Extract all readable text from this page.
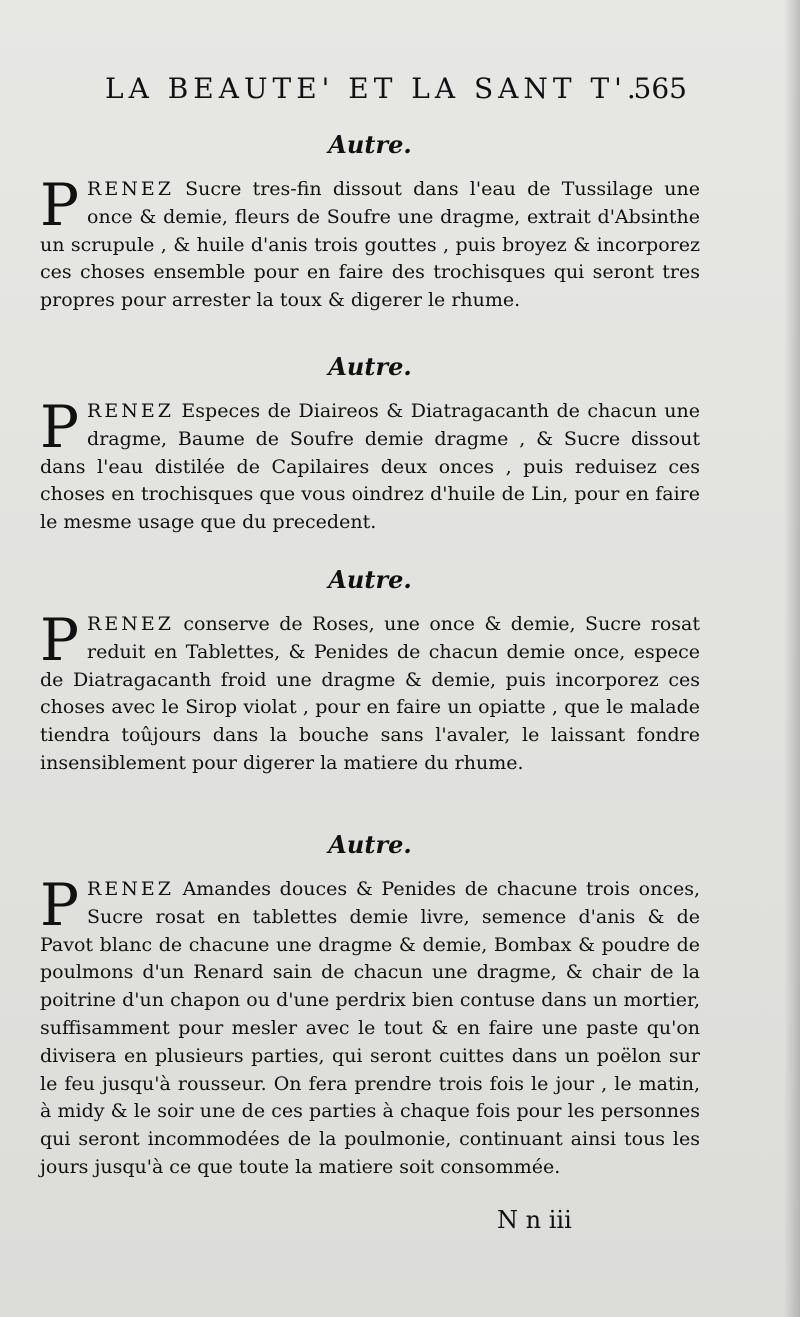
LA BEAUTE' ET LA SANT T'.
565
Autre.

PRENEZ Sucre tres-fin dissout dans l'eau de Tussilage une once & demie, fleurs de Soufre une dragme, extrait d'Absinthe un scrupule , & huile d'anis trois gouttes , puis broyez & incorporez ces choses ensemble pour en faire des trochisques qui seront tres propres pour arrester la toux & digerer le rhume.

Autre.

PRENEZ Especes de Diaireos & Diatragacanth de chacun une dragme, Baume de Soufre demie dragme , & Sucre dissout dans l'eau distilée de Capilaires deux onces , puis reduisez ces choses en trochisques que vous oindrez d'huile de Lin, pour en faire le mesme usage que du precedent.

Autre.

PRENEZ conserve de Roses, une once & demie, Sucre rosat reduit en Tablettes, & Penides de chacun demie once, espece de Diatragacanth froid une dragme & demie, puis incorporez ces choses avec le Sirop violat , pour en faire un opiatte , que le malade tiendra toûjours dans la bouche sans l'avaler, le laissant fondre insensiblement pour digerer la matiere du rhume.

Autre.

PRENEZ Amandes douces & Penides de chacune trois onces, Sucre rosat en tablettes demie livre, semence d'anis & de Pavot blanc de chacune une dragme & demie, Bombax & poudre de poulmons d'un Renard sain de chacun une dragme, & chair de la poitrine d'un chapon ou d'une perdrix bien contuse dans un mortier, suffisamment pour mesler avec le tout & en faire une paste qu'on divisera en plusieurs parties, qui seront cuittes dans un poëlon sur le feu jusqu'à rousseur. On fera prendre trois fois le jour , le matin, à midy & le soir une de ces parties à chaque fois pour les personnes qui seront incommodées de la poulmonie, continuant ainsi tous les jours jusqu'à ce que toute la matiere soit consommée.

N n iii
